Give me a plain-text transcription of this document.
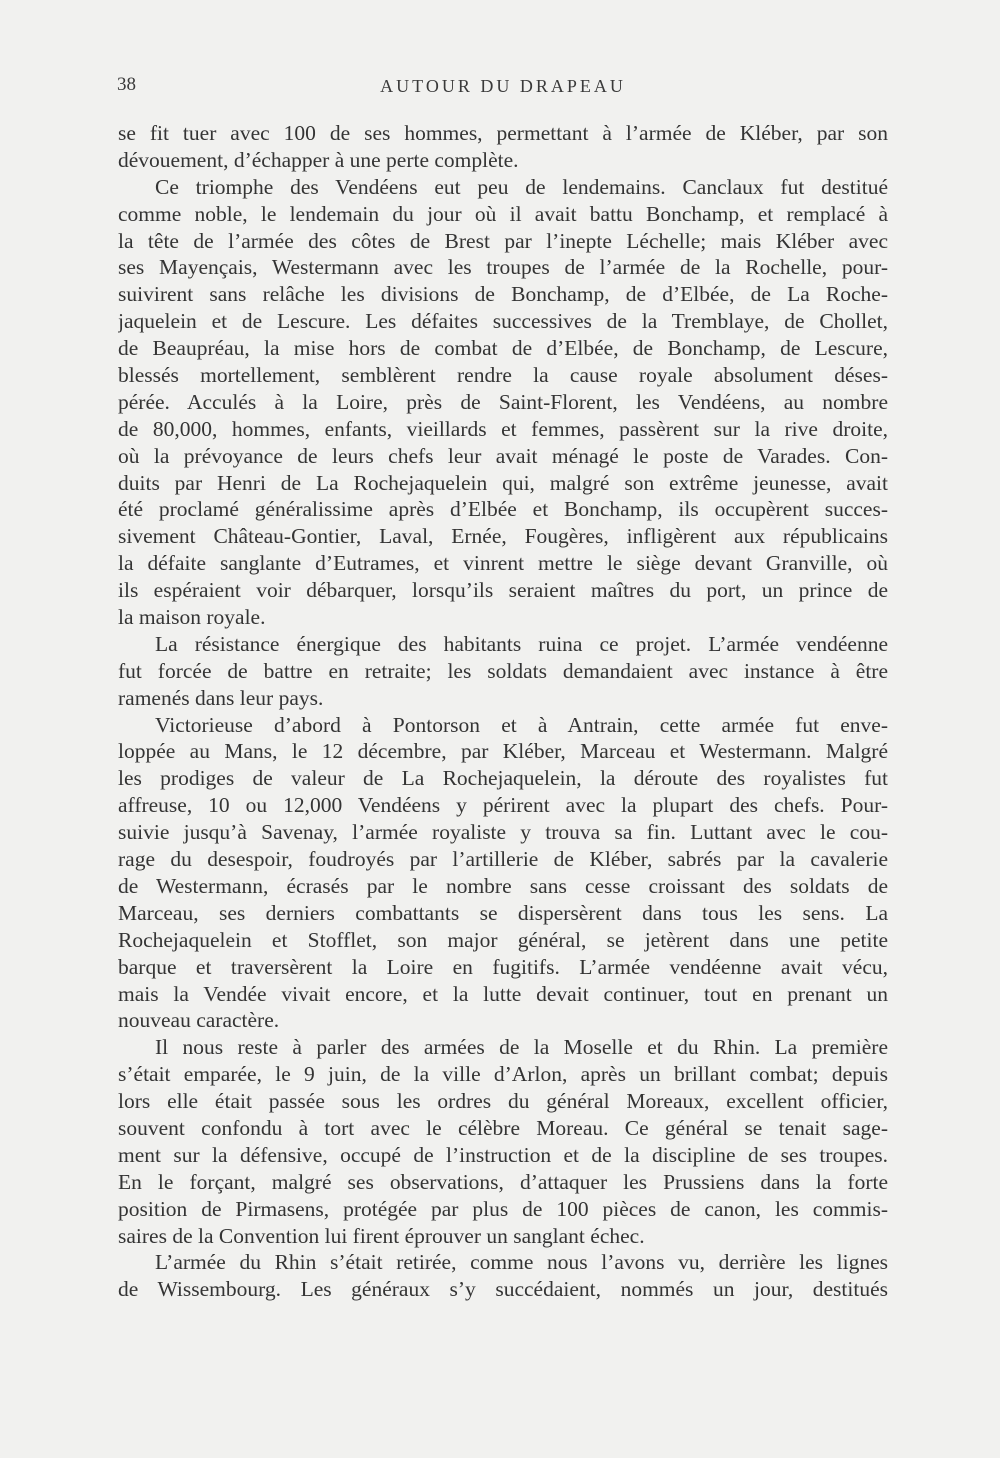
38	AUTOUR DU DRAPEAU
se fit tuer avec 100 de ses hommes, permettant à l’armée de Kléber, par son
dévouement, d’échapper à une perte complète.
Ce triomphe des Vendéens eut peu de lendemains. Canclaux fut destitué
comme noble, le lendemain du jour où il avait battu Bonchamp, et remplacé à
la tête de l’armée des côtes de Brest par l’inepte Léchelle; mais Kléber avec
ses Mayençais, Westermann avec les troupes de l’armée de la Rochelle, pour-
suivirent sans relâche les divisions de Bonchamp, de d’Elbée, de La Roche-
jaquelein et de Lescure. Les défaites successives de la Tremblaye, de Chollet,
de Beaupréau, la mise hors de combat de d’Elbée, de Bonchamp, de Lescure,
blessés mortellement, semblèrent rendre la cause royale absolument déses-
pérée. Acculés à la Loire, près de Saint-Florent, les Vendéens, au nombre
de 80,000, hommes, enfants, vieillards et femmes, passèrent sur la rive droite,
où la prévoyance de leurs chefs leur avait ménagé le poste de Varades. Con-
duits par Henri de La Rochejaquelein qui, malgré son extrême jeunesse, avait
été proclamé généralissime après d’Elbée et Bonchamp, ils occupèrent succes-
sivement Château-Gontier, Laval, Ernée, Fougères, infligèrent aux républicains
la défaite sanglante d’Eutrames, et vinrent mettre le siège devant Granville, où
ils espéraient voir débarquer, lorsqu’ils seraient maîtres du port, un prince de
la maison royale.
La résistance énergique des habitants ruina ce projet. L’armée vendéenne
fut forcée de battre en retraite; les soldats demandaient avec instance à être
ramenés dans leur pays.
Victorieuse d’abord à Pontorson et à Antrain, cette armée fut enve-
loppée au Mans, le 12 décembre, par Kléber, Marceau et Westermann. Malgré
les prodiges de valeur de La Rochejaquelein, la déroute des royalistes fut
affreuse, 10 ou 12,000 Vendéens y périrent avec la plupart des chefs. Pour-
suivie jusqu’à Savenay, l’armée royaliste y trouva sa fin. Luttant avec le cou-
rage du desespoir, foudroyés par l’artillerie de Kléber, sabrés par la cavalerie
de Westermann, écrasés par le nombre sans cesse croissant des soldats de
Marceau, ses derniers combattants se dispersèrent dans tous les sens. La
Rochejaquelein et Stofflet, son major général, se jetèrent dans une petite
barque et traversèrent la Loire en fugitifs. L’armée vendéenne avait vécu,
mais la Vendée vivait encore, et la lutte devait continuer, tout en prenant un
nouveau caractère.
Il nous reste à parler des armées de la Moselle et du Rhin. La première
s’était emparée, le 9 juin, de la ville d’Arlon, après un brillant combat; depuis
lors elle était passée sous les ordres du général Moreaux, excellent officier,
souvent confondu à tort avec le célèbre Moreau. Ce général se tenait sage-
ment sur la défensive, occupé de l’instruction et de la discipline de ses troupes.
En le forçant, malgré ses observations, d’attaquer les Prussiens dans la forte
position de Pirmasens, protégée par plus de 100 pièces de canon, les commis-
saires de la Convention lui firent éprouver un sanglant échec.
L’armée du Rhin s’était retirée, comme nous l’avons vu, derrière les lignes
de Wissembourg. Les généraux s’y succédaient, nommés un jour, destitués
